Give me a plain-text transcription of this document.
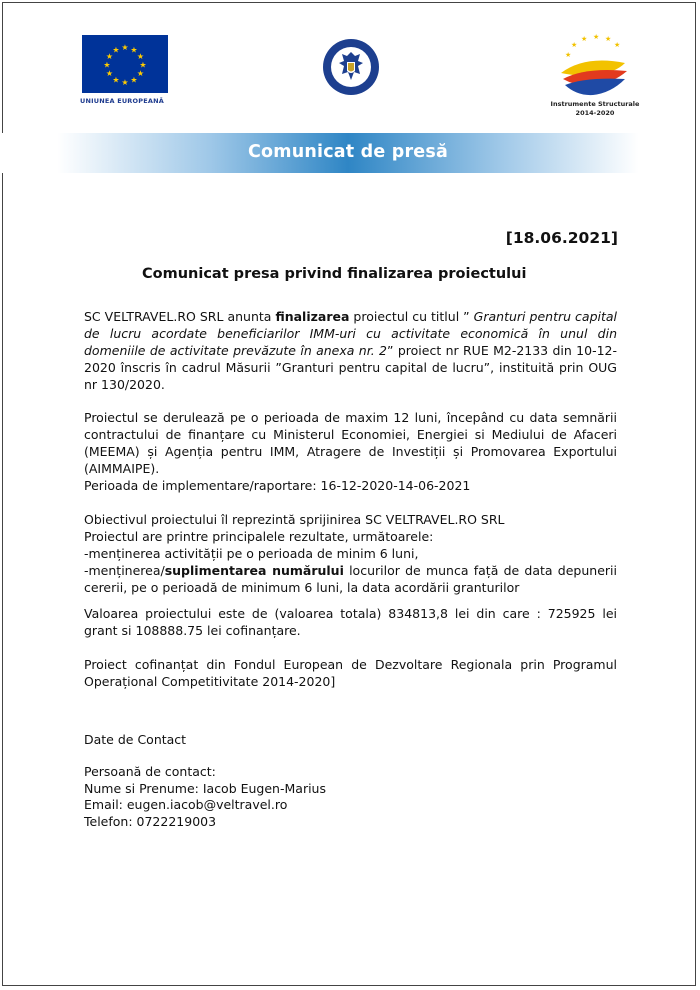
★ ★
★
★
★
★
★
★
★
★
★
★
UNIUNEA EUROPEANĂ
★
★ ★ ★
★
★
Instrumente Structurale
2014-2020
Comunicat de presă
[18.06.2021]
Comunicat presa privind finalizarea proiectului

SC VELTRAVEL.RO SRL anunta finalizarea proiectul cu titlul ” Granturi pentru capital de lucru acordate beneficiarilor IMM-uri cu activitate economică în unul din domeniile de activitate prevăzute în anexa nr. 2” proiect nr RUE M2-2133 din 10-12-2020 înscris în cadrul Măsurii ”Granturi pentru capital de lucru”, instituită prin OUG nr 130/2020.

Proiectul se derulează pe o perioada de maxim 12 luni, începând cu data semnării contractului de finanțare cu Ministerul Economiei, Energiei si Mediului de Afaceri (MEEMA) și Agenția pentru IMM, Atragere de Investiții și Promovarea Exportului (AIMMAIPE).

Perioada de implementare/raportare: 16-12-2020-14-06-2021
Obiectivul proiectului îl reprezintă sprijinirea SC VELTRAVEL.RO SRL
Proiectul are printre principalele rezultate, următoarele:
-menținerea activității pe o perioada de minim 6 luni,
-menținerea/suplimentarea numărului locurilor de munca față de data depunerii cererii, pe o perioadă de minimum 6 luni, la data acordării granturilor

Valoarea proiectului este de (valoarea totala) 834813,8 lei din care : 725925 lei grant si 108888.75 lei cofinanțare.

Proiect cofinanțat din Fondul European de Dezvoltare Regionala prin Programul Operațional Competitivitate 2014-2020]

Date de Contact
Persoană de contact:
Nume si Prenume: Iacob Eugen-Marius
Email: eugen.iacob@veltravel.ro
Telefon: 0722219003
